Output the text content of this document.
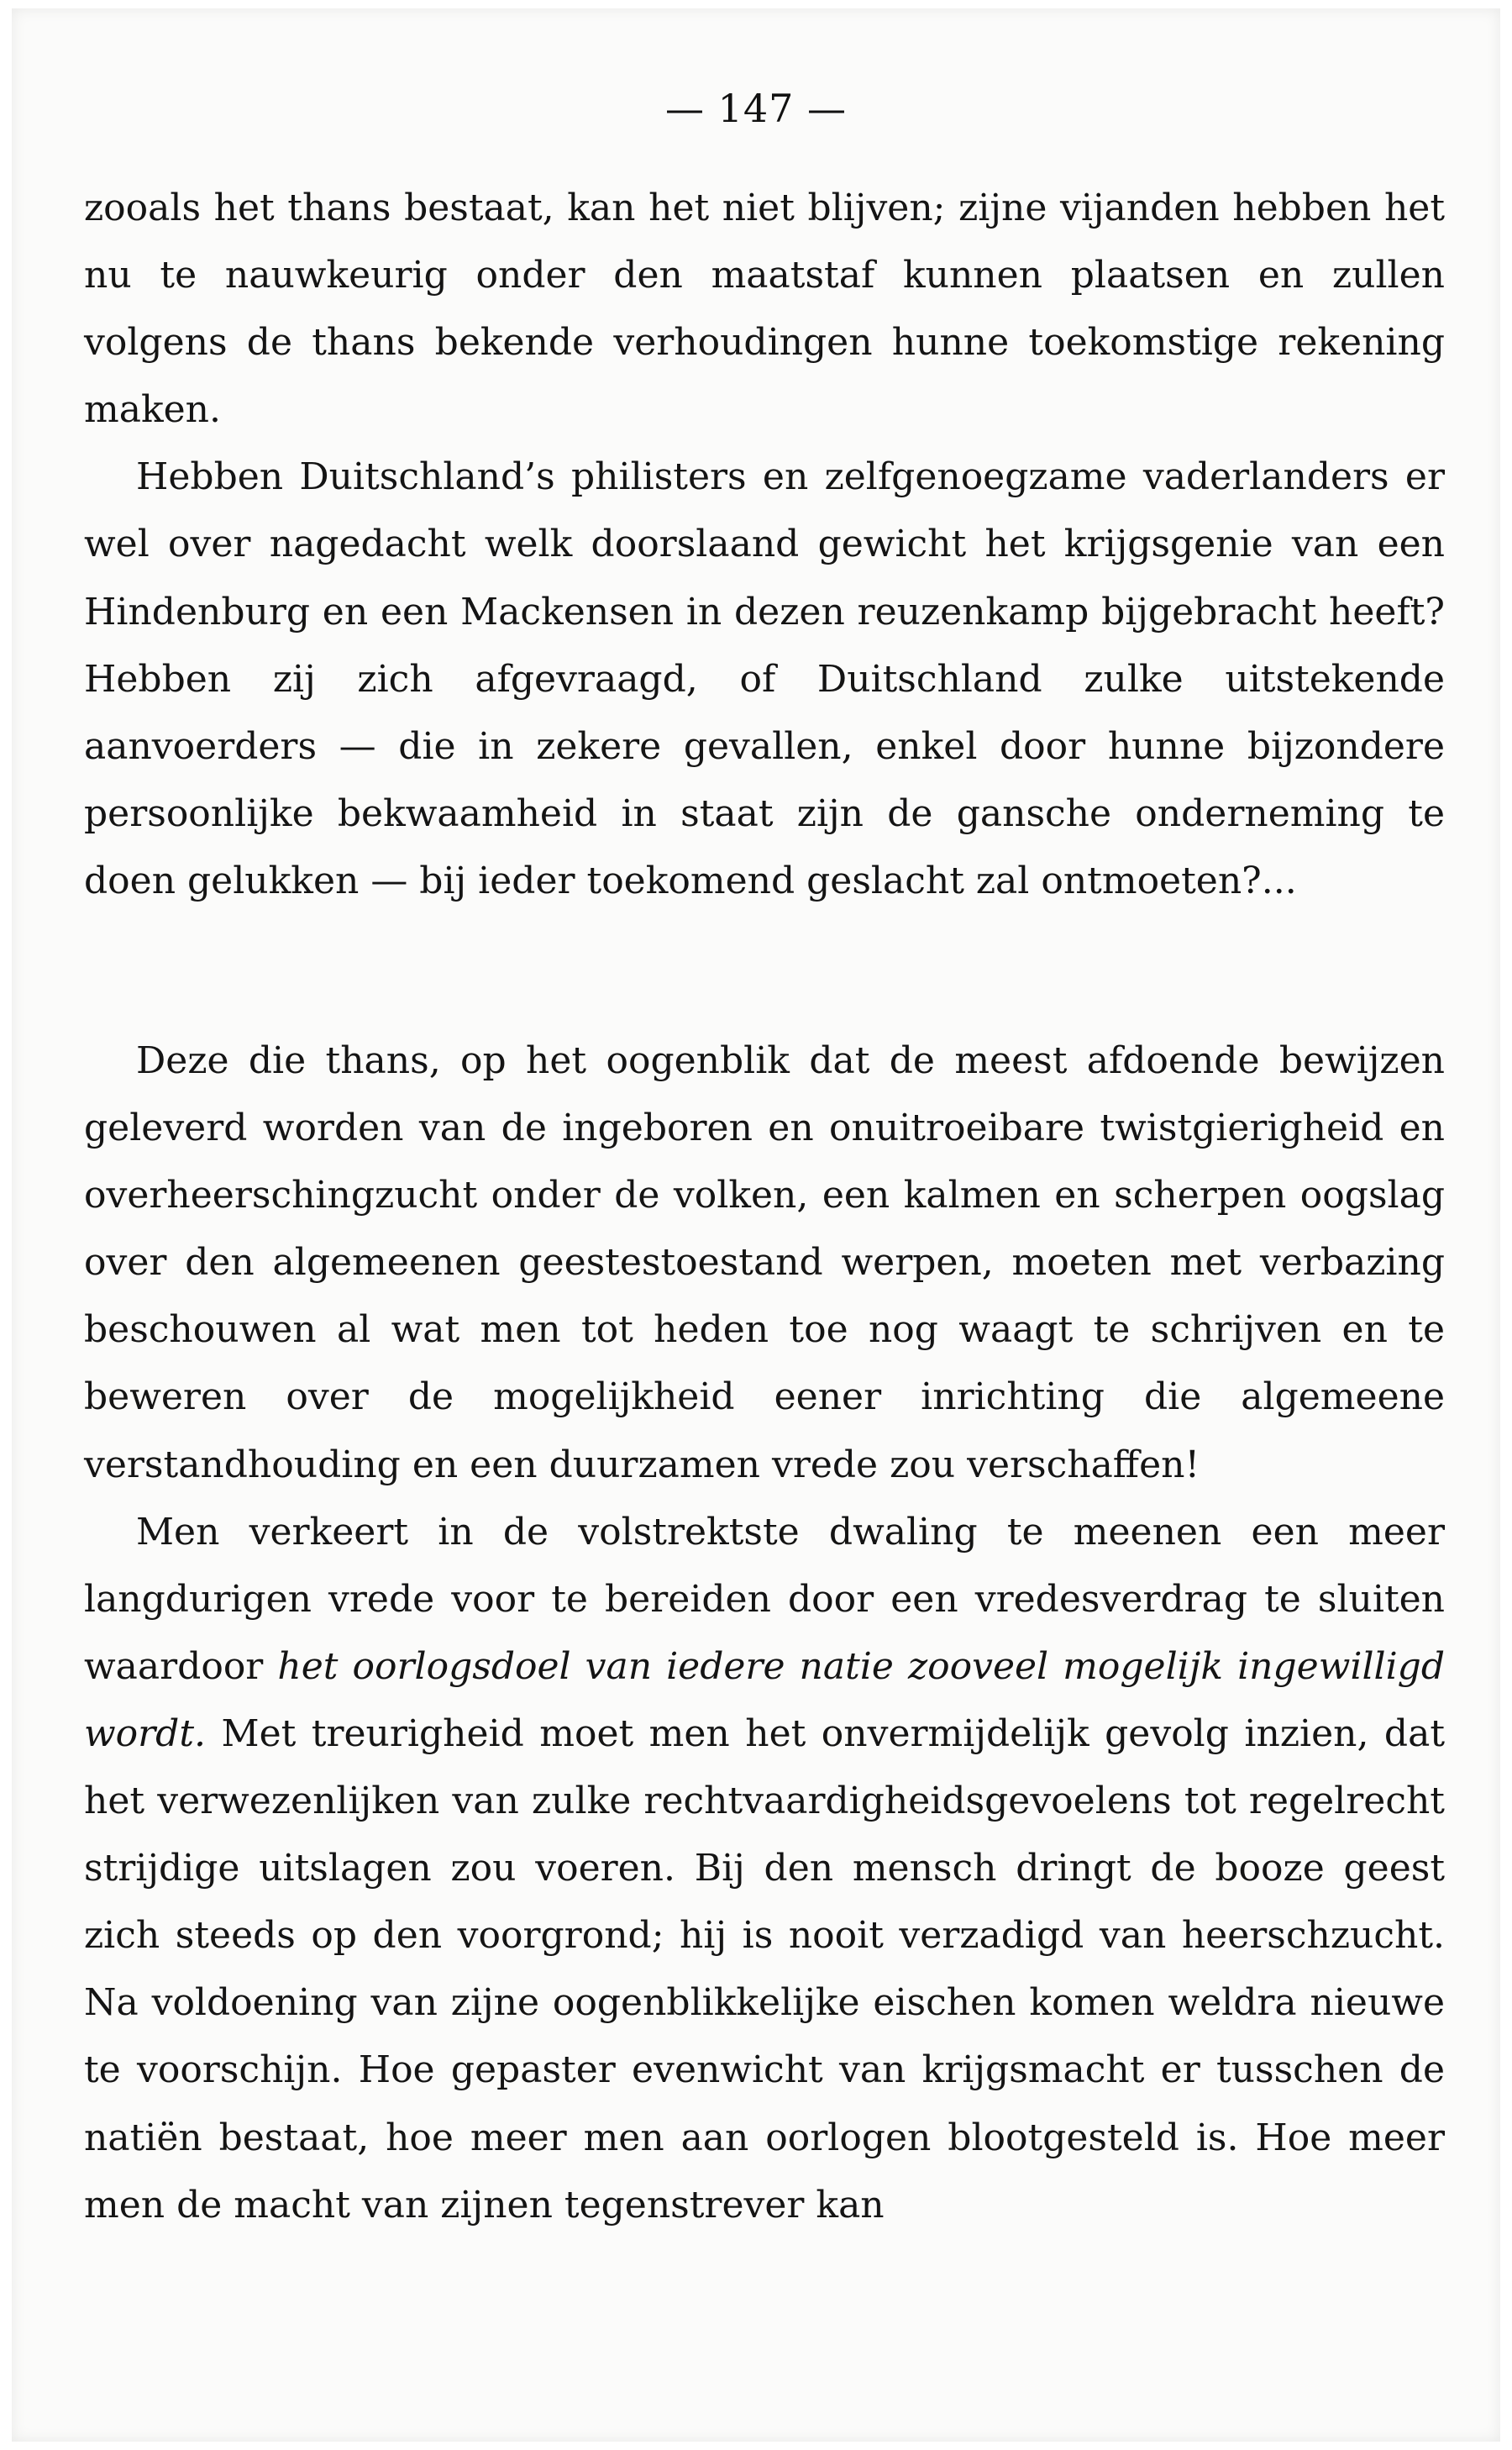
— 147 —

zooals het thans bestaat, kan het niet blijven; zijne vijanden hebben het nu te nauwkeurig onder den maatstaf kunnen plaatsen en zullen volgens de thans bekende verhoudingen hunne toekomstige rekening maken.

Hebben Duitschland’s philisters en zelfgenoegzame vaderlanders er wel over nagedacht welk doorslaand gewicht het krijgsgenie van een Hindenburg en een Mackensen in dezen reuzenkamp bijgebracht heeft? Hebben zij zich afgevraagd, of Duitschland zulke uitstekende aanvoerders — die in zekere gevallen, enkel door hunne bijzondere persoonlijke bekwaamheid in staat zijn de gansche onderneming te doen gelukken — bij ieder toekomend geslacht zal ontmoeten?...

Deze die thans, op het oogenblik dat de meest afdoende bewijzen geleverd worden van de ingeboren en onuitroeibare twistgierigheid en overheerschingzucht onder de volken, een kalmen en scherpen oogslag over den algemeenen geestestoestand werpen, moeten met verbazing beschouwen al wat men tot heden toe nog waagt te schrijven en te beweren over de mogelijkheid eener inrichting die algemeene verstandhouding en een duurzamen vrede zou verschaffen!

Men verkeert in de volstrektste dwaling te meenen een meer langdurigen vrede voor te bereiden door een vredesverdrag te sluiten waardoor het oorlogsdoel van iedere natie zooveel mogelijk ingewilligd wordt. Met treurigheid moet men het onvermijdelijk gevolg inzien, dat het verwezenlijken van zulke rechtvaardigheidsgevoelens tot regelrecht strijdige uitslagen zou voeren. Bij den mensch dringt de booze geest zich steeds op den voorgrond; hij is nooit verzadigd van heerschzucht. Na voldoening van zijne oogenblikkelijke eischen komen weldra nieuwe te voorschijn. Hoe gepaster evenwicht van krijgsmacht er tusschen de natiën bestaat, hoe meer men aan oorlogen blootgesteld is. Hoe meer men de macht van zijnen tegenstrever kan
